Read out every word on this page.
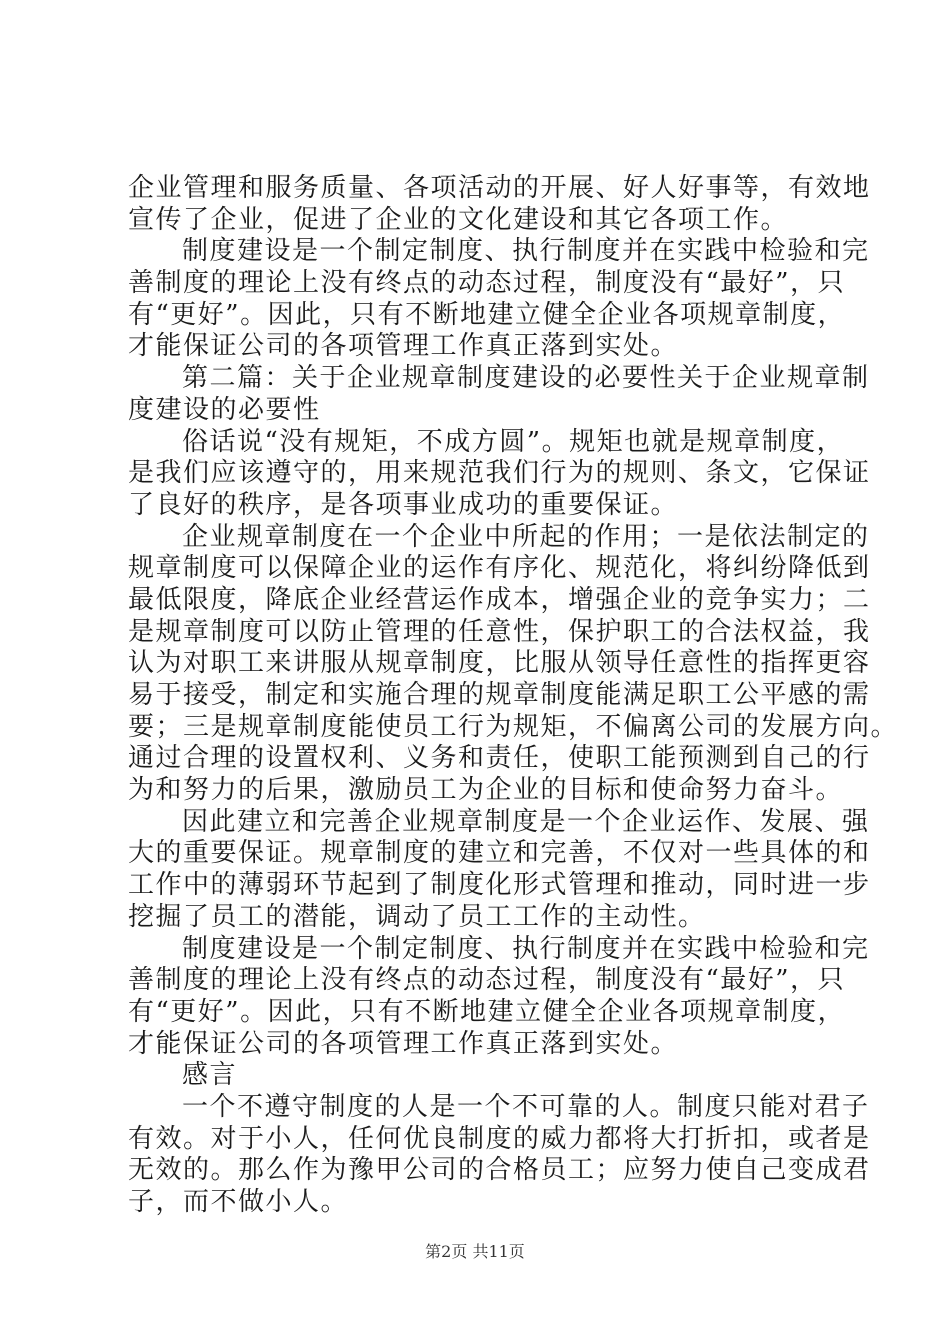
企业管理和服务质量、各项活动的开展、好人好事等，有效地
宣传了企业，促进了企业的文化建设和其它各项工作。
制度建设是一个制定制度、执行制度并在实践中检验和完
善制度的理论上没有终点的动态过程，制度没有“最好”，只
有“更好”。因此，只有不断地建立健全企业各项规章制度，
才能保证公司的各项管理工作真正落到实处。
第二篇：关于企业规章制度建设的必要性关于企业规章制
度建设的必要性
俗话说“没有规矩，不成方圆”。规矩也就是规章制度，
是我们应该遵守的，用来规范我们行为的规则、条文，它保证
了良好的秩序，是各项事业成功的重要保证。
企业规章制度在一个企业中所起的作用；一是依法制定的
规章制度可以保障企业的运作有序化、规范化，将纠纷降低到
最低限度，降底企业经营运作成本，增强企业的竞争实力；二
是规章制度可以防止管理的任意性，保护职工的合法权益，我
认为对职工来讲服从规章制度，比服从领导任意性的指挥更容
易于接受，制定和实施合理的规章制度能满足职工公平感的需
要；三是规章制度能使员工行为规矩，不偏离公司的发展方向。
通过合理的设置权利、义务和责任，使职工能预测到自己的行
为和努力的后果，激励员工为企业的目标和使命努力奋斗。
因此建立和完善企业规章制度是一个企业运作、发展、强
大的重要保证。规章制度的建立和完善，不仅对一些具体的和
工作中的薄弱环节起到了制度化形式管理和推动，同时进一步
挖掘了员工的潜能，调动了员工工作的主动性。
制度建设是一个制定制度、执行制度并在实践中检验和完
善制度的理论上没有终点的动态过程，制度没有“最好”，只
有“更好”。因此，只有不断地建立健全企业各项规章制度，
才能保证公司的各项管理工作真正落到实处。
感言
一个不遵守制度的人是一个不可靠的人。制度只能对君子
有效。对于小人，任何优良制度的威力都将大打折扣，或者是
无效的。那么作为豫甲公司的合格员工；应努力使自己变成君
子，而不做小人。
第2页 共11页
